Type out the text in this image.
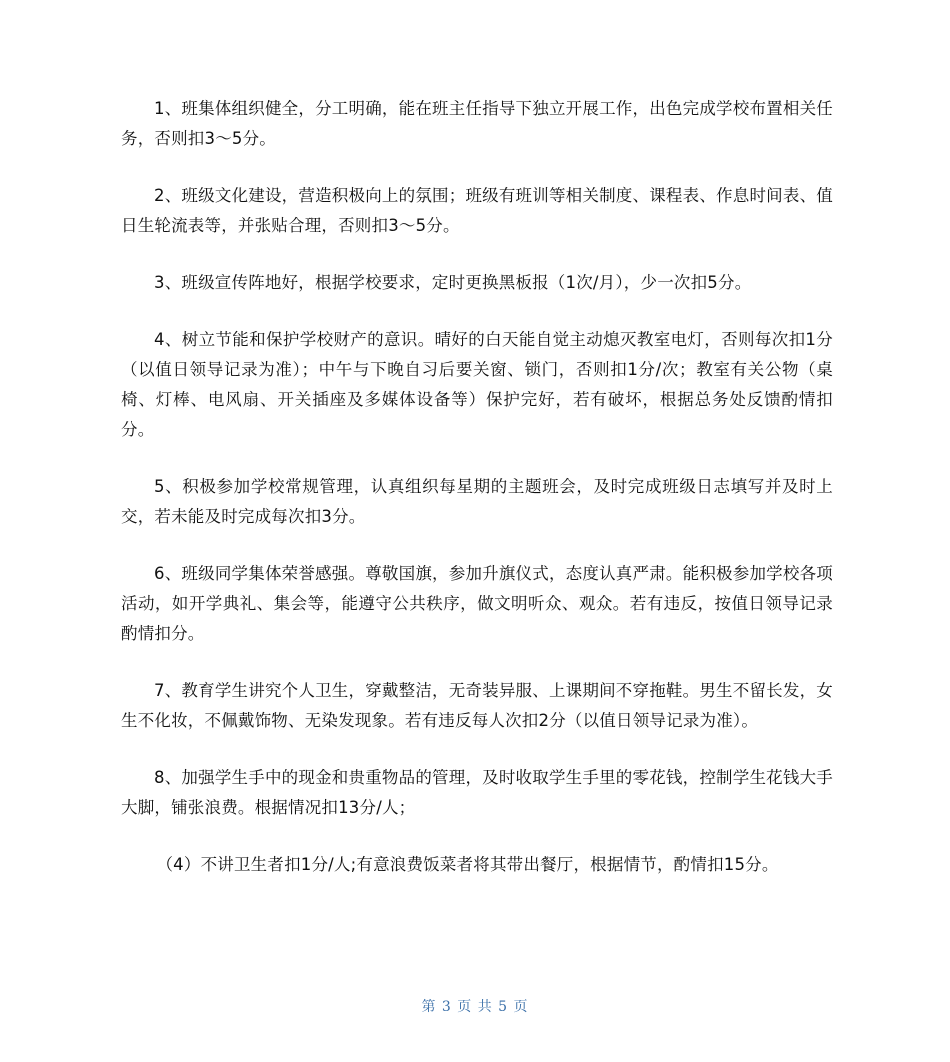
1、班集体组织健全，分工明确，能在班主任指导下独立开展工作，出色完成学校布置相关任务，否则扣3～5分。

2、班级文化建设，营造积极向上的氛围；班级有班训等相关制度、课程表、作息时间表、值日生轮流表等，并张贴合理，否则扣3～5分。

3、班级宣传阵地好，根据学校要求，定时更换黑板报（1次/月），少一次扣5分。

4、树立节能和保护学校财产的意识。晴好的白天能自觉主动熄灭教室电灯，否则每次扣1分（以值日领导记录为准）；中午与下晚自习后要关窗、锁门，否则扣1分/次；教室有关公物（桌椅、灯棒、电风扇、开关插座及多媒体设备等）保护完好，若有破坏，根据总务处反馈酌情扣分。

5、积极参加学校常规管理，认真组织每星期的主题班会，及时完成班级日志填写并及时上交，若未能及时完成每次扣3分。

6、班级同学集体荣誉感强。尊敬国旗，参加升旗仪式，态度认真严肃。能积极参加学校各项活动，如开学典礼、集会等，能遵守公共秩序，做文明听众、观众。若有违反，按值日领导记录酌情扣分。

7、教育学生讲究个人卫生，穿戴整洁，无奇装异服、上课期间不穿拖鞋。男生不留长发，女生不化妆，不佩戴饰物、无染发现象。若有违反每人次扣2分（以值日领导记录为准）。

8、加强学生手中的现金和贵重物品的管理，及时收取学生手里的零花钱，控制学生花钱大手大脚，铺张浪费。根据情况扣13分/人；

（4）不讲卫生者扣1分/人;有意浪费饭菜者将其带出餐厅，根据情节，酌情扣15分。

第 3 页 共 5 页
